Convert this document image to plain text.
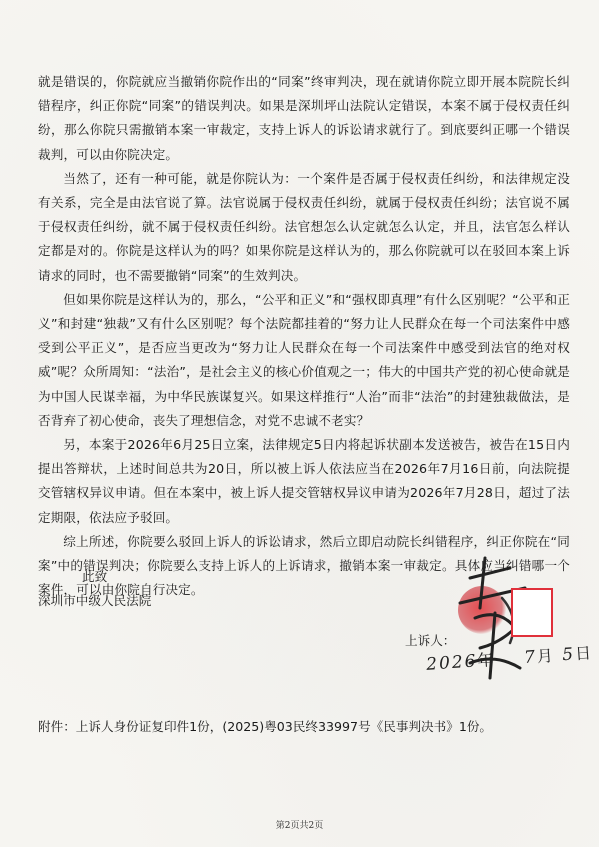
就是错误的，你院就应当撤销你院作出的“同案”终审判决，现在就请你院立即开展本院院长纠错程序，纠正你院“同案”的错误判决。如果是深圳坪山法院认定错误，本案不属于侵权责任纠纷，那么你院只需撤销本案一审裁定，支持上诉人的诉讼请求就行了。到底要纠正哪一个错误裁判，可以由你院决定。

当然了，还有一种可能，就是你院认为：一个案件是否属于侵权责任纠纷，和法律规定没有关系，完全是由法官说了算。法官说属于侵权责任纠纷，就属于侵权责任纠纷；法官说不属于侵权责任纠纷，就不属于侵权责任纠纷。法官想怎么认定就怎么认定，并且，法官怎么样认定都是对的。你院是这样认为的吗？如果你院是这样认为的，那么你院就可以在驳回本案上诉请求的同时，也不需要撤销“同案”的生效判决。

但如果你院是这样认为的，那么，“公平和正义”和“强权即真理”有什么区别呢？“公平和正义”和封建“独裁”又有什么区别呢？每个法院都挂着的“努力让人民群众在每一个司法案件中感受到公平正义”，是否应当更改为“努力让人民群众在每一个司法案件中感受到法官的绝对权威”呢？众所周知：“法治”，是社会主义的核心价值观之一；伟大的中国共产党的初心使命就是为中国人民谋幸福，为中华民族谋复兴。如果这样推行“人治”而非“法治”的封建独裁做法，是否背弃了初心使命，丧失了理想信念，对党不忠诚不老实？

另，本案于2026年6月25日立案，法律规定5日内将起诉状副本发送被告，被告在15日内提出答辩状，上述时间总共为20日，所以被上诉人依法应当在2026年7月16日前，向法院提交管辖权异议申请。但在本案中，被上诉人提交管辖权异议申请为2026年7月28日，超过了法定期限，依法应予驳回。

综上所述，你院要么驳回上诉人的诉讼请求，然后立即启动院长纠错程序，纠正你院在“同案”中的错误判决；你院要么支持上诉人的上诉请求，撤销本案一审裁定。具体应当纠错哪一个案件，可以由你院自行决定。

此致
深圳市中级人民法院
上诉人：
2026年 7月 5日
附件：上诉人身份证复印件1份，(2025)粤03民终33997号《民事判决书》1份。
第2页共2页
